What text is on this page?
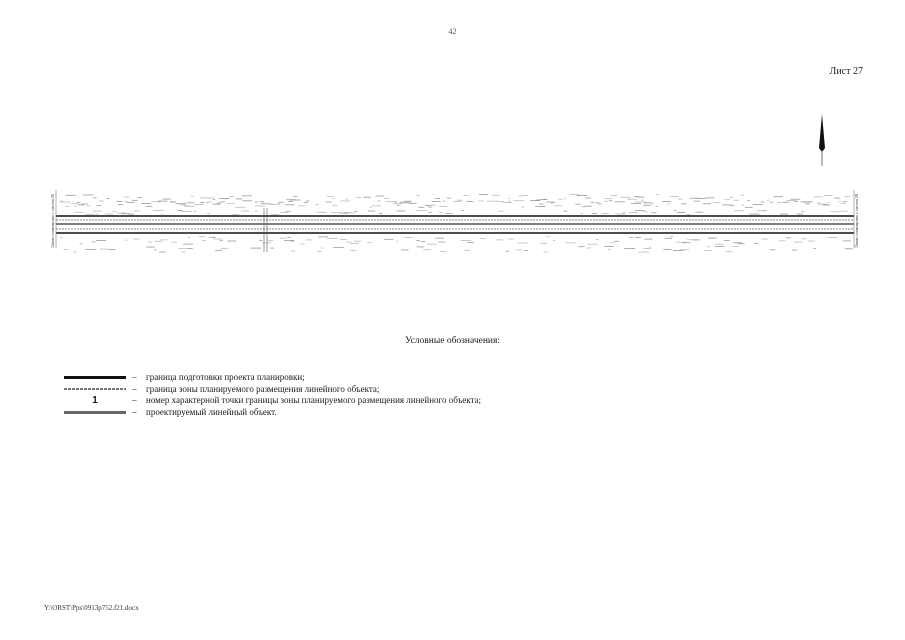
42
Лист 27
Линия совмещения с листом 26	Линия совмещения с листом 28
Условные обозначения:
– граница подготовки проекта планировки;
– граница зоны планируемого размещения линейного объекта;
1	– номер характерной точки границы зоны планируемого размещения линейного объекта;
– проектируемый линейный объект.
Y:\ORST\Pps\0913p752.f21.docx
